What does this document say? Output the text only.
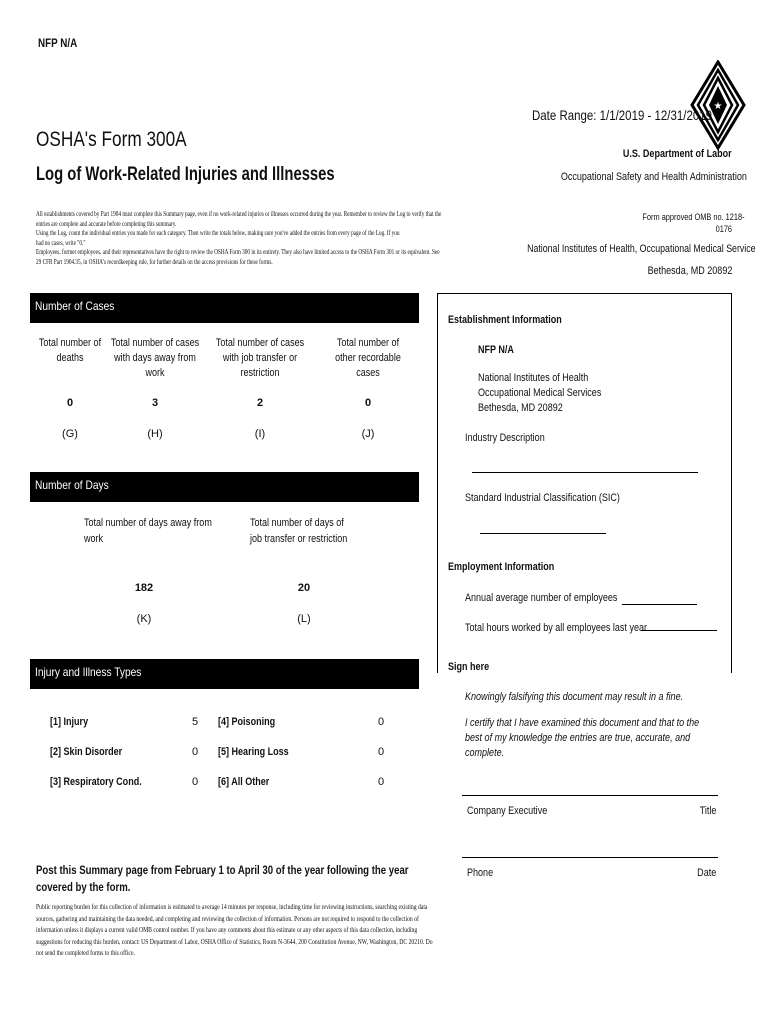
NFP N/A
★
Date Range: 1/1/2019 - 12/31/2019
OSHA's Form 300A
Log of Work-Related Injuries and Illnesses
U.S. Department of Labor
Occupational Safety and Health Administration
All establishments covered by Part 1904 must complete this Summary page, even if no work-related injuries or illnesses occurred during the year. Remember to review the Log to verify that the
entries are complete and accurate before completing this summary.
Using the Log, count the individual entries you made for each category. Then write the totals below, making sure you've added the entries from every page of the Log. If you
had no cases, write "0."
Employees, former employees, and their representatives have the right to review the OSHA Form 300 in its entirety. They also have limited access to the OSHA Form 301 or its equivalent. See
29 CFR Part 1904.35, in OSHA's recordkeeping rule, for further details on the access provisions for these forms.
Form approved OMB no. 1218-
0176
National Institutes of Health, Occupational Medical Service
Bethesda, MD 20892
Number of Cases
Total number of deaths
Total number of cases with days away from work
Total number of cases with job transfer or restriction
Total number of other recordable cases
0	3	2	0
(G)	(H)	(I)	(J)
Number of Days
Total number of days away from work
Total number of days of job transfer or restriction
182	20
(K)	(L)
Injury and Illness Types
[1] Injury	5
[2] Skin Disorder	0
[3] Respiratory Cond.	0
[4] Poisoning	0
[5] Hearing Loss	0
[6] All Other	0
Post this Summary page from February 1 to April 30 of the year following the year covered by the form.
Public reporting burden for this collection of information is estimated to average 14 minutes per response, including time for reviewing instructions, searching existing data sources, gathering and maintaining the data needed, and completing and reviewing the collection of information. Persons are not required to respond to the collection of information unless it displays a current valid OMB control number. If you have any comments about this estimate or any other aspects of this data collection, including suggestions for reducing this burden, contact: US Department of Labor, OSHA Office of Statistics, Room N-3644, 200 Constitution Avenue, NW, Washington, DC 20210. Do not send the completed forms to this office.
Establishment Information
NFP N/A
National Institutes of Health
Occupational Medical Services
Bethesda, MD 20892
Industry Description
Standard Industrial Classification (SIC)
Employment Information
Annual average number of employees
Total hours worked by all employees last year
Sign here
Knowingly falsifying this document may result in a fine.
I certify that I have examined this document and that to the best of my knowledge the entries are true, accurate, and complete.
Company Executive	Title
Phone	Date
